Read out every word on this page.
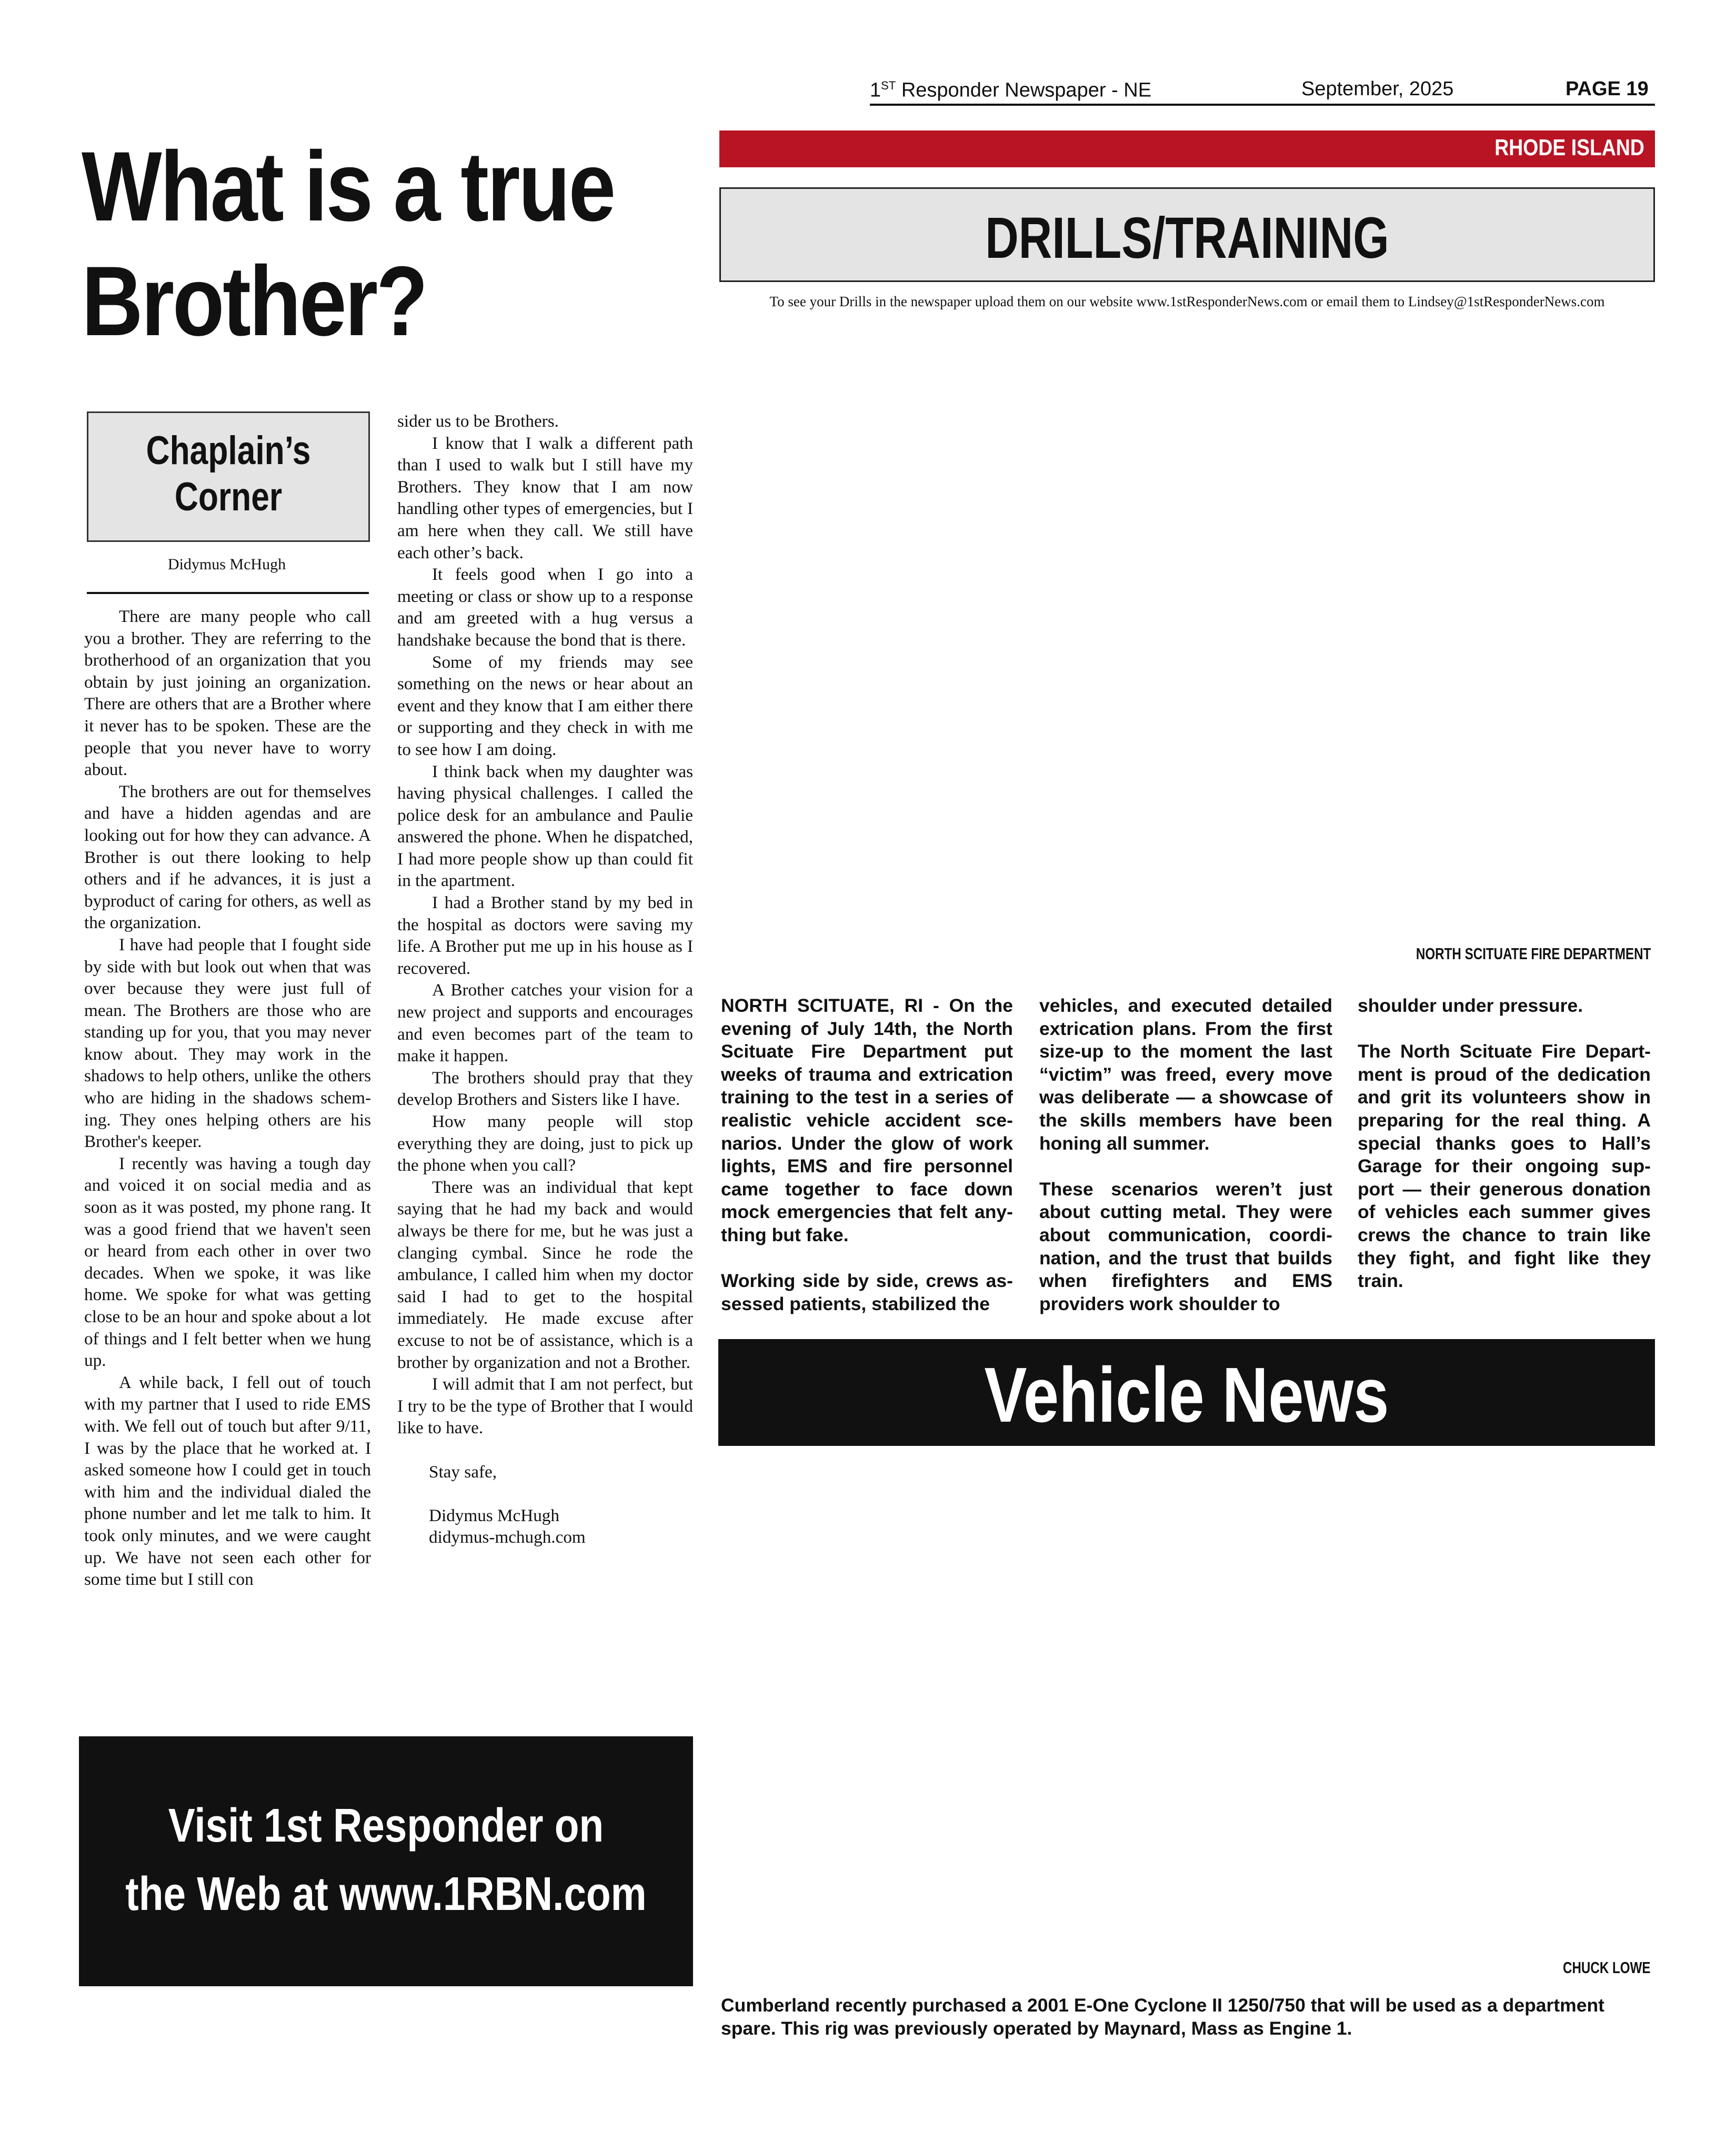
1ST Responder Newspaper - NE	September, 2025	PAGE 19
What is a true
Brother?
RHODE ISLAND
DRILLS/TRAINING
To see your Drills in the newspaper upload them on our website www.1stResponderNews.com or email them to Lindsey@1stResponderNews.com
Chaplain’s
Corner
Didymus McHugh

There are many people who call you a brother. They are referring to the brotherhood of an organization that you obtain by just joining an organization. There are others that are a Brother where it never has to be spoken. These are the people that you never have to worry about.

The brothers are out for themselves and have a hidden agendas and are looking out for how they can advance. A Brother is out there looking to help others and if he advances, it is just a byproduct of caring for others, as well as the organization.

I have had people that I fought side by side with but look out when that was over because they were just full of mean. The Brothers are those who are standing up for you, that you may never know about. They may work in the shadows to help others, unlike the others who are hiding in the shadows scheming. They ones helping others are his Brother's keeper.

I recently was having a tough day and voiced it on social media and as soon as it was posted, my phone rang. It was a good friend that we haven't seen or heard from each other in over two decades. When we spoke, it was like home. We spoke for what was getting close to be an hour and spoke about a lot of things and I felt better when we hung up.

A while back, I fell out of touch with my partner that I used to ride EMS with. We fell out of touch but after 9/11, I was by the place that he worked at. I asked someone how I could get in touch with him and the individual dialed the phone number and let me talk to him. It took only minutes, and we were caught up. We have not seen each other for some time but I still con

sider us to be Brothers.

I know that I walk a different path than I used to walk but I still have my Brothers. They know that I am now handling other types of emergencies, but I am here when they call. We still have each other’s back.

It feels good when I go into a meeting or class or show up to a response and am greeted with a hug versus a handshake because the bond that is there.

Some of my friends may see something on the news or hear about an event and they know that I am either there or supporting and they check in with me to see how I am doing.

I think back when my daughter was having physical challenges. I called the police desk for an ambulance and Paulie answered the phone. When he dispatched, I had more people show up than could fit in the apartment.

I had a Brother stand by my bed in the hospital as doctors were saving my life. A Brother put me up in his house as I recovered.

A Brother catches your vision for a new project and supports and encourages and even becomes part of the team to make it happen.

The brothers should pray that they develop Brothers and Sisters like I have.

How many people will stop everything they are doing, just to pick up the phone when you call?

There was an individual that kept saying that he had my back and would always be there for me, but he was just a clanging cymbal. Since he rode the ambulance, I called him when my doctor said I had to get to the hospital immediately. He made excuse after excuse to not be of assistance, which is a brother by organization and not a Brother.

I will admit that I am not perfect, but I try to be the type of Brother that I would like to have.

Stay safe,

Didymus McHugh

didymus-mchugh.com

NORTH SCITUATE FIRE DEPARTMENT

NORTH SCITUATE, RI - On the evening of July 14th, the North Scituate Fire Department put weeks of trauma and extrication training to the test in a series of realistic vehicle accident scenarios. Under the glow of work lights, EMS and fire personnel came together to face down mock emergencies that felt anything but fake.

Working side by side, crews assessed patients, stabilized the

vehicles, and executed detailed extrication plans. From the first size-up to the moment the last “victim” was freed, every move was deliberate — a showcase of the skills members have been honing all summer.

These scenarios weren’t just about cutting metal. They were about communication, coordination, and the trust that builds when firefighters and EMS providers work shoulder to

shoulder under pressure.

The North Scituate Fire Department is proud of the dedication and grit its volunteers show in preparing for the real thing. A special thanks goes to Hall’s Garage for their ongoing support — their generous donation of vehicles each summer gives crews the chance to train like they fight, and fight like they train.

Vehicle News
Visit 1st Responder on
the Web at www.1RBN.com
CHUCK LOWE
Cumberland recently purchased a 2001 E-One Cyclone II 1250/750 that will be used as a department spare. This rig was previously operated by Maynard, Mass as Engine 1.
